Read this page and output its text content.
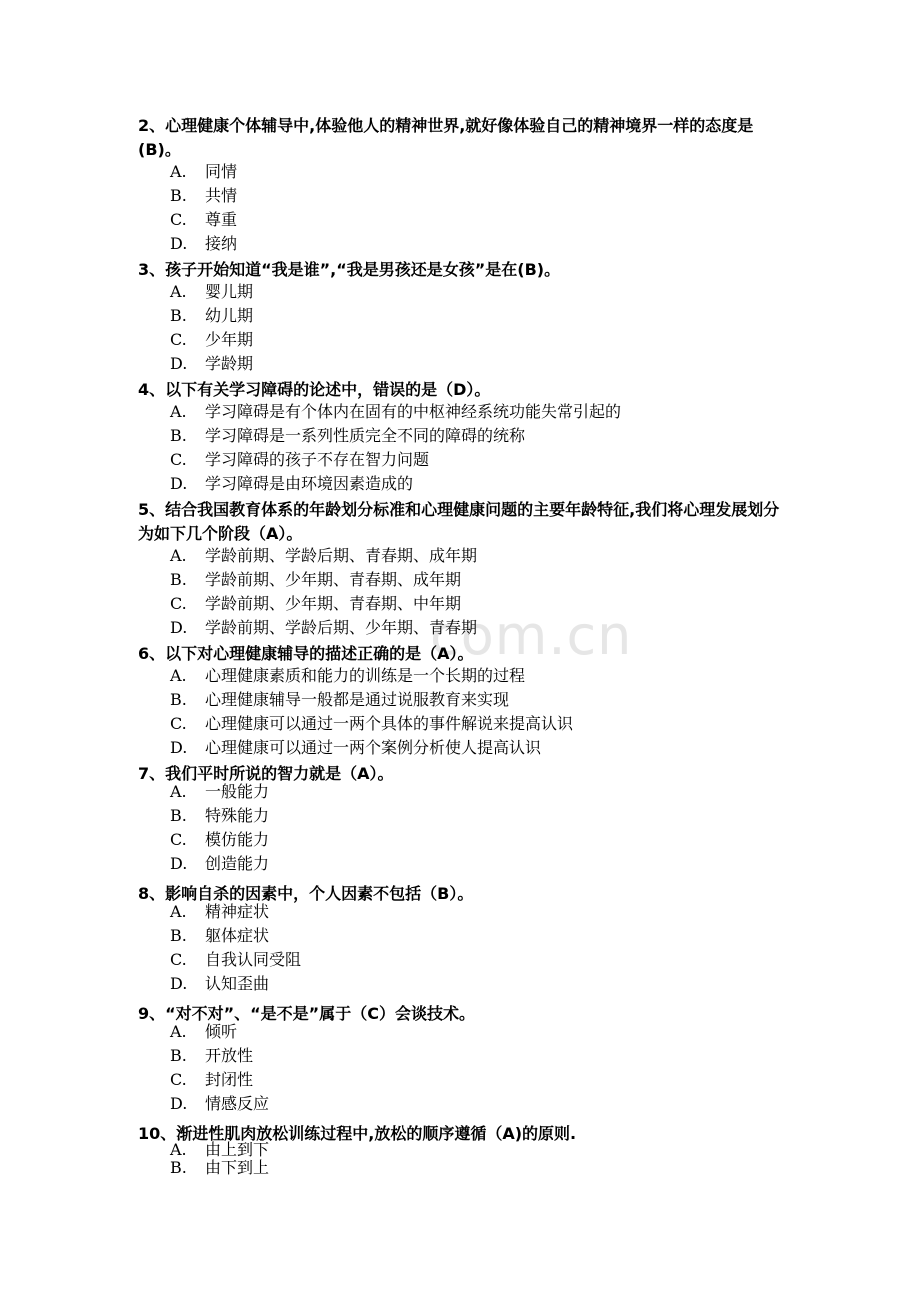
com.cn
2、心理健康个体辅导中,体验他人的精神世界,就好像体验自己的精神境界一样的态度是(B)。
A. 同情
B. 共情
C. 尊重
D. 接纳
3、孩子开始知道“我是谁”,“我是男孩还是女孩”是在(B)。
A. 婴儿期
B. 幼儿期
C. 少年期
D. 学龄期
4、以下有关学习障碍的论述中，错误的是（D）。
A. 学习障碍是有个体内在固有的中枢神经系统功能失常引起的
B. 学习障碍是一系列性质完全不同的障碍的统称
C. 学习障碍的孩子不存在智力问题
D. 学习障碍是由环境因素造成的
5、结合我国教育体系的年龄划分标准和心理健康问题的主要年龄特征,我们将心理发展划分为如下几个阶段（A）。
A. 学龄前期、学龄后期、青春期、成年期
B. 学龄前期、少年期、青春期、成年期
C. 学龄前期、少年期、青春期、中年期
D. 学龄前期、学龄后期、少年期、青春期
6、以下对心理健康辅导的描述正确的是（A）。
A. 心理健康素质和能力的训练是一个长期的过程
B. 心理健康辅导一般都是通过说服教育来实现
C. 心理健康可以通过一两个具体的事件解说来提高认识
D. 心理健康可以通过一两个案例分析使人提高认识
7、我们平时所说的智力就是（A）。
A. 一般能力
B. 特殊能力
C. 模仿能力
D. 创造能力
8、影响自杀的因素中，个人因素不包括（B）。
A. 精神症状
B. 躯体症状
C. 自我认同受阻
D. 认知歪曲
9、“对不对”、“是不是”属于（C）会谈技术。
A. 倾听
B. 开放性
C. 封闭性
D. 情感反应
10、渐进性肌肉放松训练过程中,放松的顺序遵循（A)的原则.
A. 由上到下
B. 由下到上
